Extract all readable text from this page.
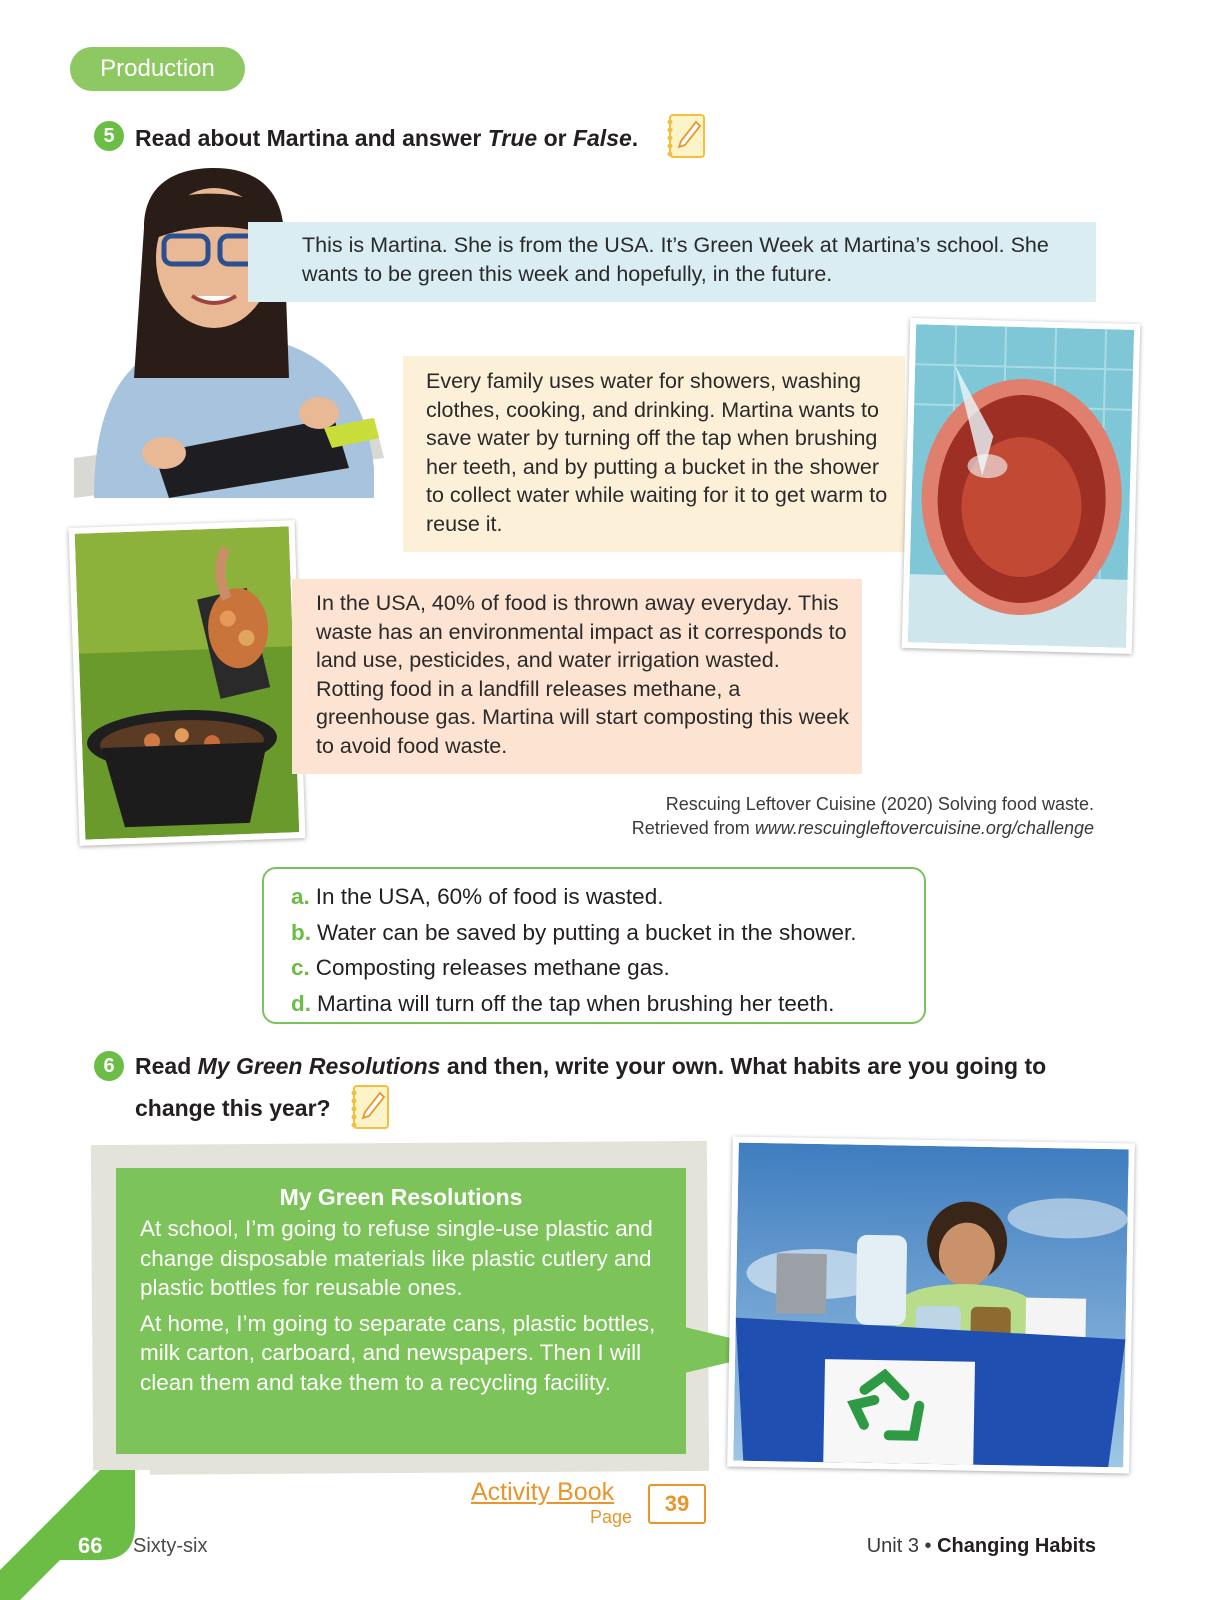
Production
5 Read about Martina and answer True or False.

This is Martina. She is from the USA. It’s Green Week at Martina’s school. She wants to be green this week and hopefully, in the future.

Every family uses water for showers, washing clothes, cooking, and drinking. Martina wants to save water by turning off the tap when brushing her teeth, and by putting a bucket in the shower to collect water while waiting for it to get warm to reuse it.

In the USA, 40% of food is thrown away everyday. This waste has an environmental impact as it corresponds to land use, pesticides, and water irrigation wasted. Rotting food in a landfill releases methane, a greenhouse gas. Martina will start composting this week to avoid food waste.

Rescuing Leftover Cuisine (2020) Solving food waste.
Retrieved from www.rescuingleftovercuisine.org/challenge
a. In the USA, 60% of food is wasted.
b. Water can be saved by putting a bucket in the shower.
c. Composting releases methane gas.
d. Martina will turn off the tap when brushing her teeth.
6 Read My Green Resolutions and then, write your own. What habits are you going to
change this year?
My Green Resolutions

At school, I’m going to refuse single-use plastic and change disposable materials like plastic cutlery and plastic bottles for reusable ones.

At home, I’m going to separate cans, plastic bottles, milk carton, carboard, and newspapers. Then I will clean them and take them to a recycling facility.

Activity Book
Page
39
66 Sixty-six	Unit 3 • Changing Habits
